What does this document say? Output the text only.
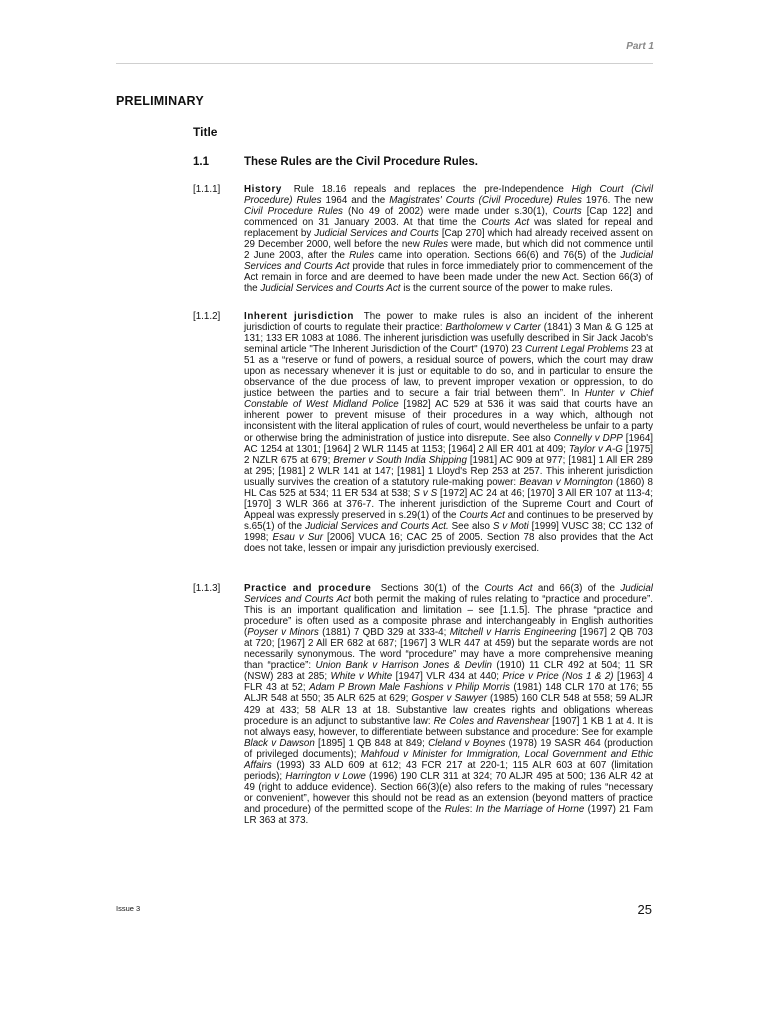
Part 1
PRELIMINARY
Title
1.1	These Rules are the Civil Procedure Rules.
[1.1.1]	History Rule 18.16 repeals and replaces the pre-Independence High Court (Civil Procedure) Rules 1964 and the Magistrates' Courts (Civil Procedure) Rules 1976. The new Civil Procedure Rules (No 49 of 2002) were made under s.30(1), Courts [Cap 122] and commenced on 31 January 2003. At that time the Courts Act was slated for repeal and replacement by Judicial Services and Courts [Cap 270] which had already received assent on 29 December 2000, well before the new Rules were made, but which did not commence until 2 June 2003, after the Rules came into operation. Sections 66(6) and 76(5) of the Judicial Services and Courts Act provide that rules in force immediately prior to commencement of the Act remain in force and are deemed to have been made under the new Act. Section 66(3) of the Judicial Services and Courts Act is the current source of the power to make rules.
[1.1.2]	Inherent jurisdiction The power to make rules is also an incident of the inherent jurisdiction of courts to regulate their practice: Bartholomew v Carter (1841) 3 Man & G 125 at 131; 133 ER 1083 at 1086. The inherent jurisdiction was usefully described in Sir Jack Jacob's seminal article "The Inherent Jurisdiction of the Court" (1970) 23 Current Legal Problems 23 at 51 as a “reserve or fund of powers, a residual source of powers, which the court may draw upon as necessary whenever it is just or equitable to do so, and in particular to ensure the observance of the due process of law, to prevent improper vexation or oppression, to do justice between the parties and to secure a fair trial between them”. In Hunter v Chief Constable of West Midland Police [1982] AC 529 at 536 it was said that courts have an inherent power to prevent misuse of their procedures in a way which, although not inconsistent with the literal application of rules of court, would nevertheless be unfair to a party or otherwise bring the administration of justice into disrepute. See also Connelly v DPP [1964] AC 1254 at 1301; [1964] 2 WLR 1145 at 1153; [1964] 2 All ER 401 at 409; Taylor v A-G [1975] 2 NZLR 675 at 679; Bremer v South India Shipping [1981] AC 909 at 977; [1981] 1 All ER 289 at 295; [1981] 2 WLR 141 at 147; [1981] 1 Lloyd's Rep 253 at 257. This inherent jurisdiction usually survives the creation of a statutory rule-making power: Beavan v Mornington (1860) 8 HL Cas 525 at 534; 11 ER 534 at 538; S v S [1972] AC 24 at 46; [1970] 3 All ER 107 at 113-4; [1970] 3 WLR 366 at 376-7. The inherent jurisdiction of the Supreme Court and Court of Appeal was expressly preserved in s.29(1) of the Courts Act and continues to be preserved by s.65(1) of the Judicial Services and Courts Act. See also S v Moti [1999] VUSC 38; CC 132 of 1998; Esau v Sur [2006] VUCA 16; CAC 25 of 2005. Section 78 also provides that the Act does not take, lessen or impair any jurisdiction previously exercised.
[1.1.3]	Practice and procedure Sections 30(1) of the Courts Act and 66(3) of the Judicial Services and Courts Act both permit the making of rules relating to “practice and procedure”. This is an important qualification and limitation – see [1.1.5]. The phrase “practice and procedure” is often used as a composite phrase and interchangeably in English authorities (Poyser v Minors (1881) 7 QBD 329 at 333-4; Mitchell v Harris Engineering [1967] 2 QB 703 at 720; [1967] 2 All ER 682 at 687; [1967] 3 WLR 447 at 459) but the separate words are not necessarily synonymous. The word “procedure” may have a more comprehensive meaning than “practice”: Union Bank v Harrison Jones & Devlin (1910) 11 CLR 492 at 504; 11 SR (NSW) 283 at 285; White v White [1947] VLR 434 at 440; Price v Price (Nos 1 & 2) [1963] 4 FLR 43 at 52; Adam P Brown Male Fashions v Philip Morris (1981) 148 CLR 170 at 176; 55 ALJR 548 at 550; 35 ALR 625 at 629; Gosper v Sawyer (1985) 160 CLR 548 at 558; 59 ALJR 429 at 433; 58 ALR 13 at 18. Substantive law creates rights and obligations whereas procedure is an adjunct to substantive law: Re Coles and Ravenshear [1907] 1 KB 1 at 4. It is not always easy, however, to differentiate between substance and procedure: See for example Black v Dawson [1895] 1 QB 848 at 849; Cleland v Boynes (1978) 19 SASR 464 (production of privileged documents); Mahfoud v Minister for Immigration, Local Government and Ethic Affairs (1993) 33 ALD 609 at 612; 43 FCR 217 at 220-1; 115 ALR 603 at 607 (limitation periods); Harrington v Lowe (1996) 190 CLR 311 at 324; 70 ALJR 495 at 500; 136 ALR 42 at 49 (right to adduce evidence). Section 66(3)(e) also refers to the making of rules “necessary or convenient”, however this should not be read as an extension (beyond matters of practice and procedure) of the permitted scope of the Rules: In the Marriage of Horne (1997) 21 Fam LR 363 at 373.
Issue 3	25
